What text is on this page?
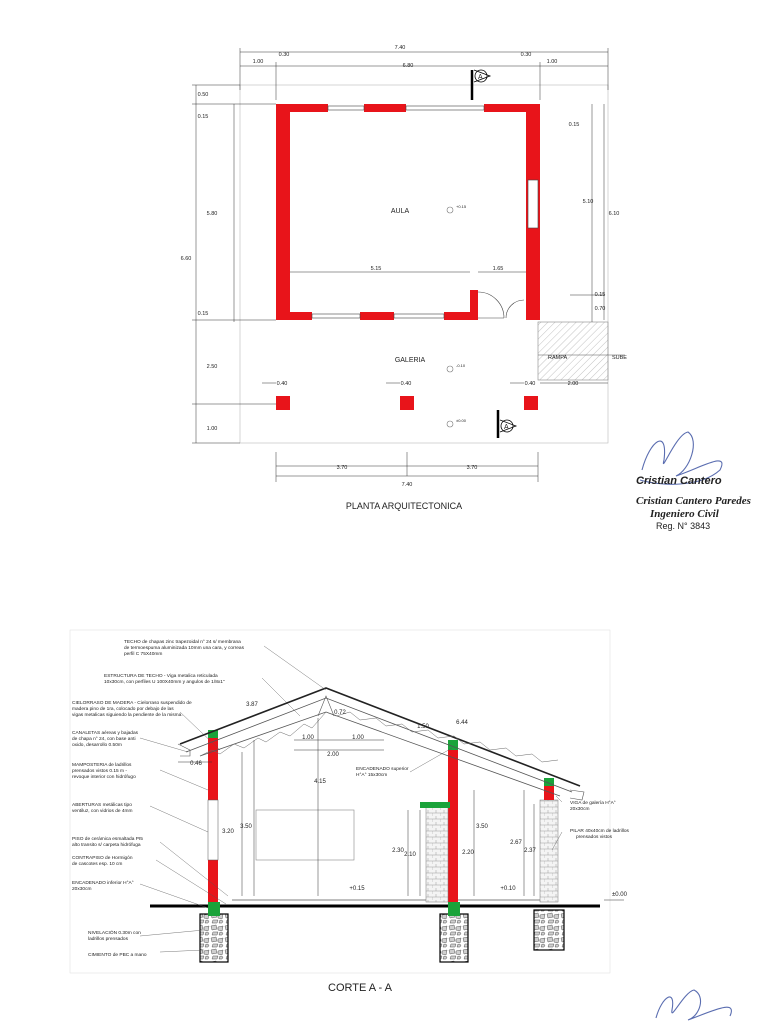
RAMPA	SUBE
AULA
GALERIA
+0.15
-0.10
±0.00
A
A
7.40
1.00
0.30
6.80
0.30
1.00
0.50
0.15
5.80
6.60
0.15
2.50
1.00
0.15
5.10
6.10
0.15
0.70
5.15	1.65
0.40	0.40	0.40	2.00
3.70	3.70
7.40
PLANTA ARQUITECTONICA
Cristian Cantero
Cristian Cantero Paredes
Ingeniero Civil
Reg. N° 3843
3.87
6.44
0.72
1.00	1.00
2.00
1.50
0.46
4.15
3.20
3.50
2.30
2.10
3.50
2.20
2.67
2.37
+0.15	+0.10
±0.00
TECHO de chapas zinc trapezoidal n° 24 s/ membrana
de termoespuma aluminizada 10mm una cara, y correas
perfil C 75X40mm
ESTRUCTURA DE TECHO - Viga metalica reticulada
10x30cm, con perfiles U 100X40mm y angulos de 1/8x1"
CIELORRASO DE MADERA - Cielorraso suspendido de
madera pino de 1ra, colocado por debajo de las
vigas metalicas siguiendo la pendiente de la misma.
CANALETAS aéreas y bajadas
de chapa n° 24, con base anti
oxido, desarrollo 0.50m
MAMPOSTERIA de ladrillos
prensados vistos 0.15 m -
revoque interior con hidrófugo
ABERTURAS metálicas tipo
ventiluz, con vidrios de 4mm
PISO de cerámica esmaltada PI5
alto transito s/ carpeta hidrófuga
CONTRAPISO de Hormigón
de cascotes esp. 10 cm
ENCADENADO inferior H°A°
20x30cm
ENCADENADO superior
H°A° 15x30cm
VIGA de galería H°A°
20x30cm
PILAR 40x40cm de ladrillos
prensados vistos
NIVELACIÓN 0.30m con
ladrillos prensados
CIMIENTO de PBC a mano
CORTE A - A
